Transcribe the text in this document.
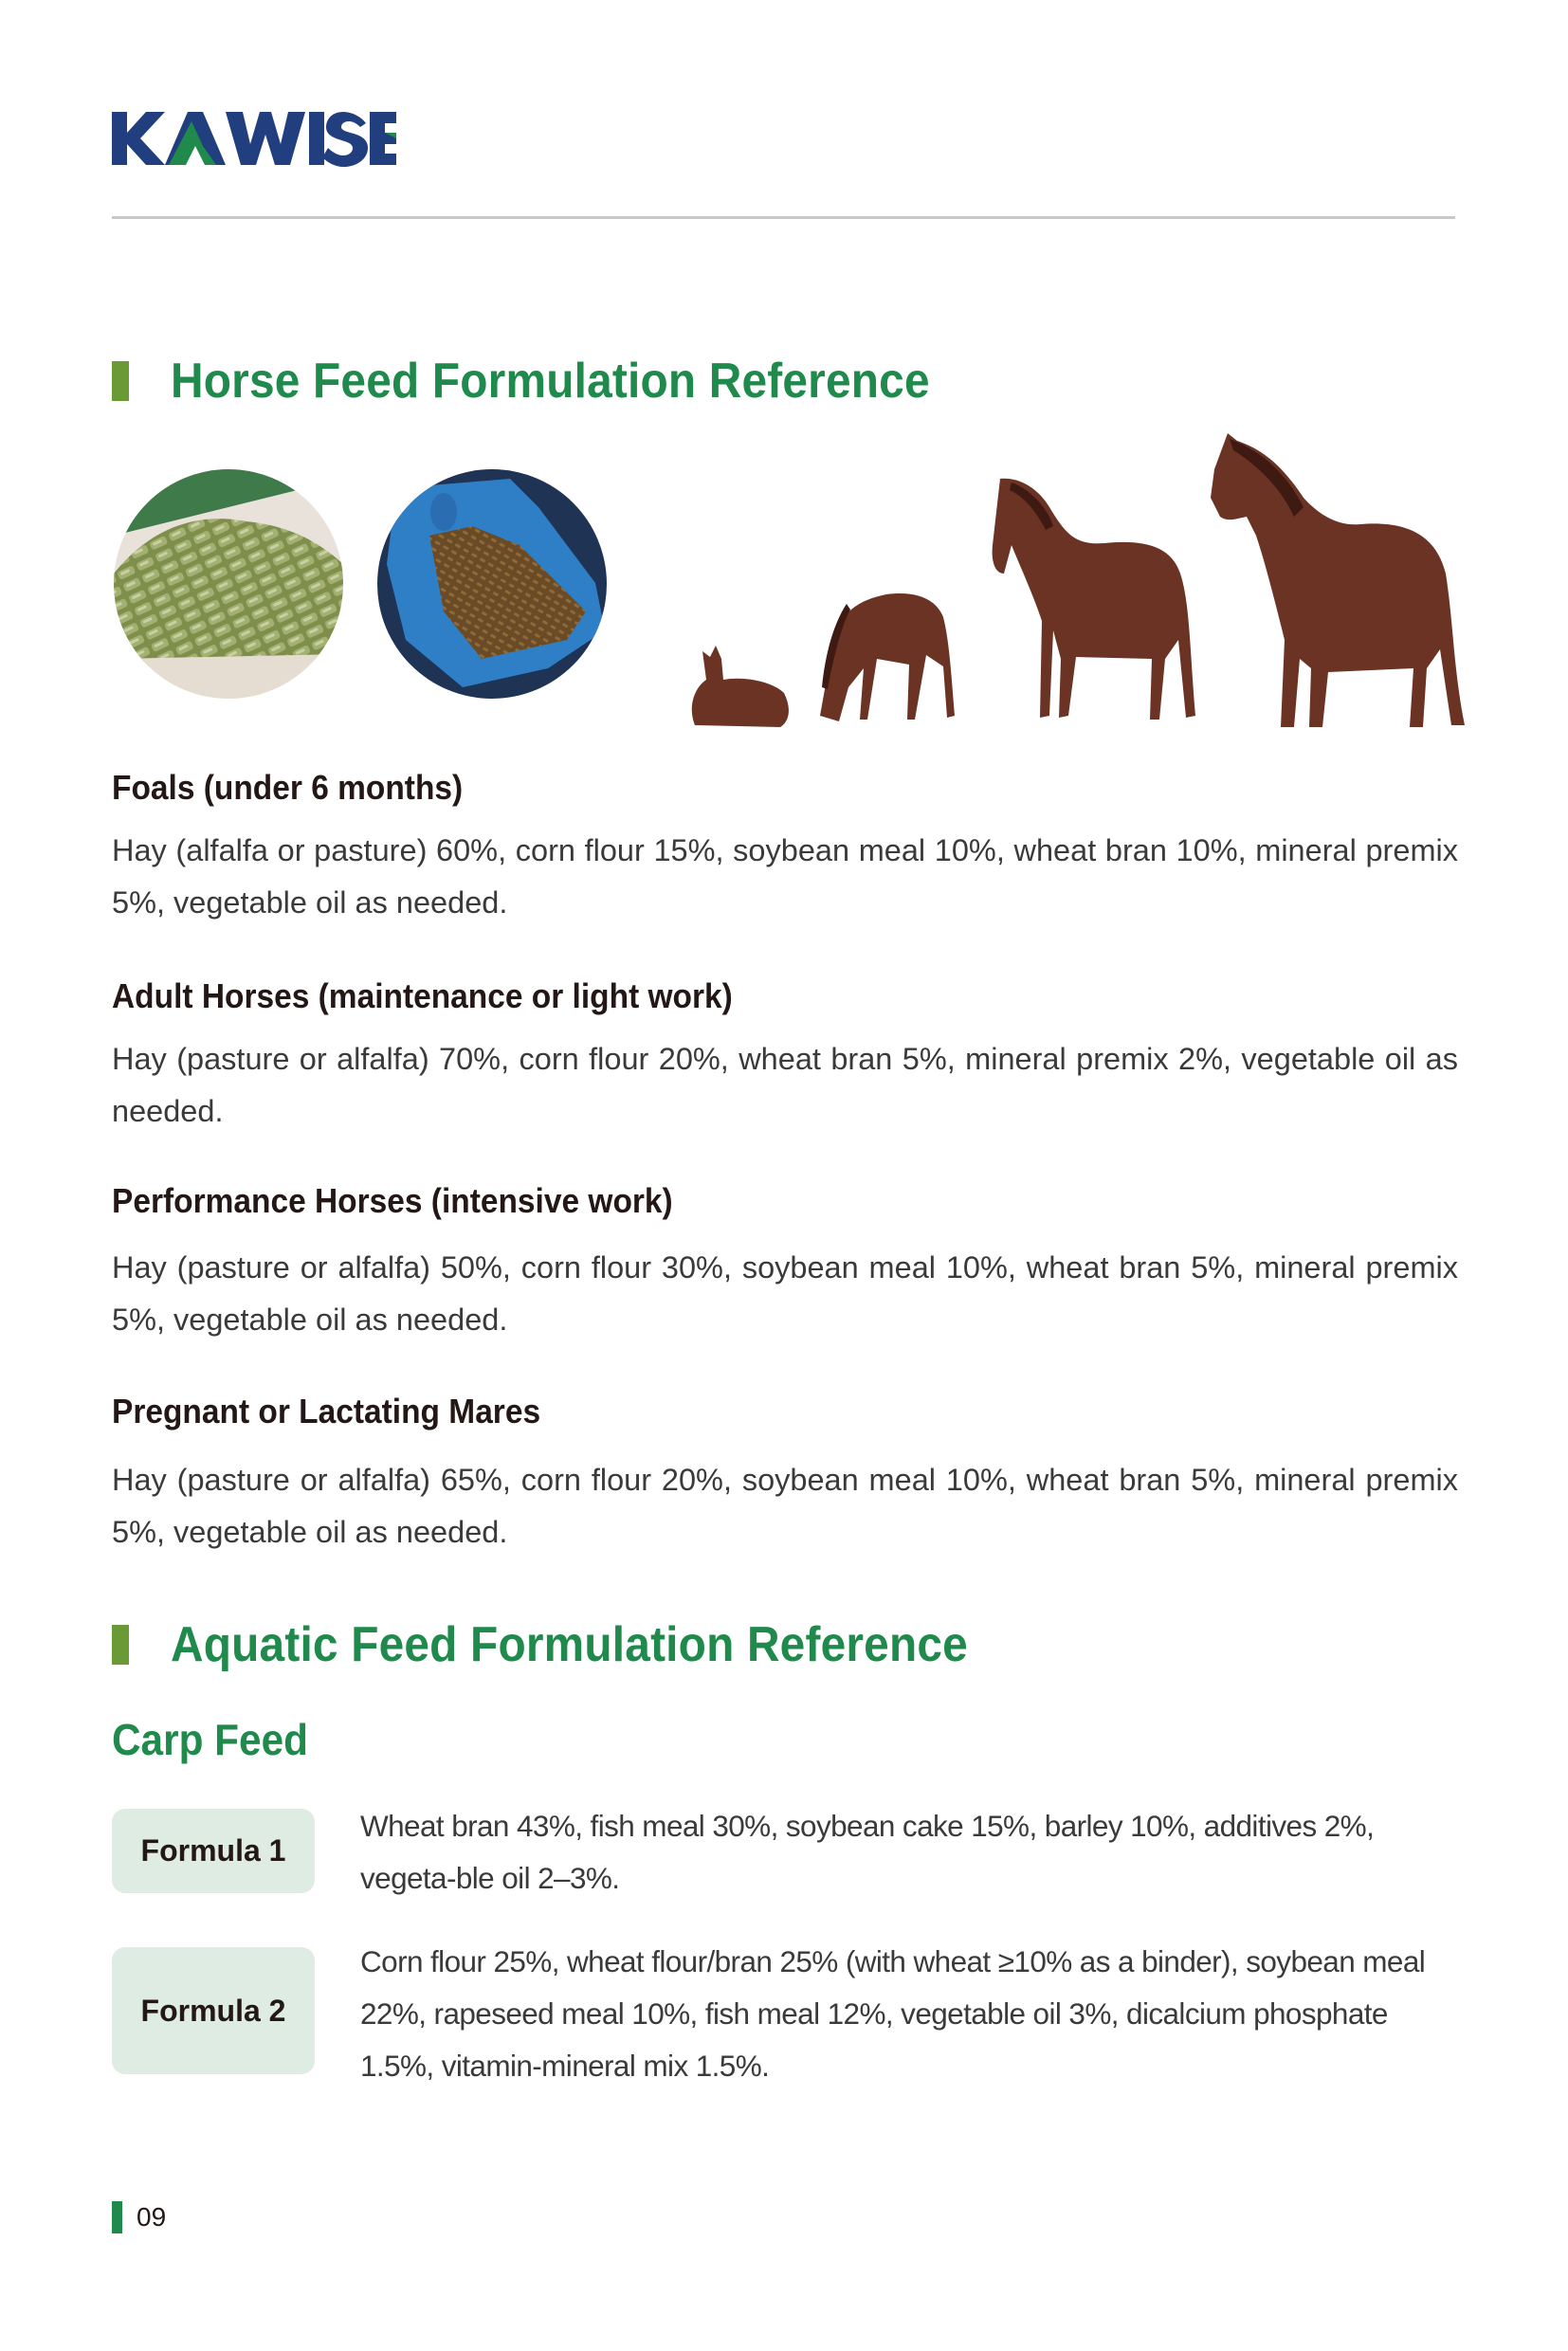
Horse Feed Formulation Reference
Foals (under 6 months)
Hay (alfalfa or pasture) 60%, corn flour 15%, soybean meal 10%, wheat bran 10%, mineral premix 5%, vegetable oil as needed.
Adult Horses (maintenance or light work)
Hay (pasture or alfalfa) 70%, corn flour 20%, wheat bran 5%, mineral premix 2%, vegetable oil as needed.
Performance Horses (intensive work)
Hay (pasture or alfalfa) 50%, corn flour 30%, soybean meal 10%, wheat bran 5%, mineral premix 5%, vegetable oil as needed.
Pregnant or Lactating Mares
Hay (pasture or alfalfa) 65%, corn flour 20%, soybean meal 10%, wheat bran 5%, mineral premix 5%, vegetable oil as needed.
Aquatic Feed Formulation Reference
Carp Feed
Formula 1
Wheat bran 43%, fish meal 30%, soybean cake 15%, barley 10%, additives 2%, vegeta-ble oil 2–3%.
Formula 2
Corn flour 25%, wheat flour/bran 25% (with wheat ≥10% as a binder), soybean meal 22%, rapeseed meal 10%, fish meal 12%, vegetable oil 3%, dicalcium phosphate 1.5%, vitamin-mineral mix 1.5%.
09
